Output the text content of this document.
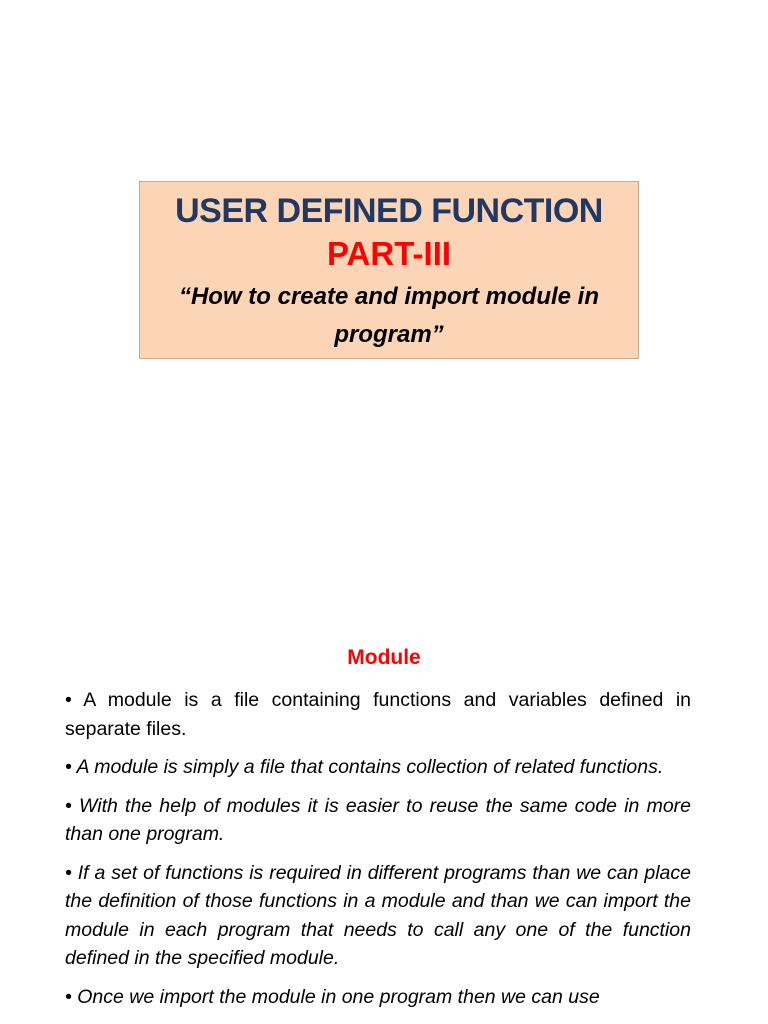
USER DEFINED FUNCTION
PART-III
“How to create and import module in program”
Module
• A module is a file containing functions and variables defined in separate files.
• A module is simply a file that contains collection of related functions.
• With the help of modules it is easier to reuse the same code in more than one program.
• If a set of functions is required in different programs than we can place the definition of those functions in a module and than we can import the module in each program that needs to call any one of the function defined in the specified module.
• Once we import the module in one program then we can use
